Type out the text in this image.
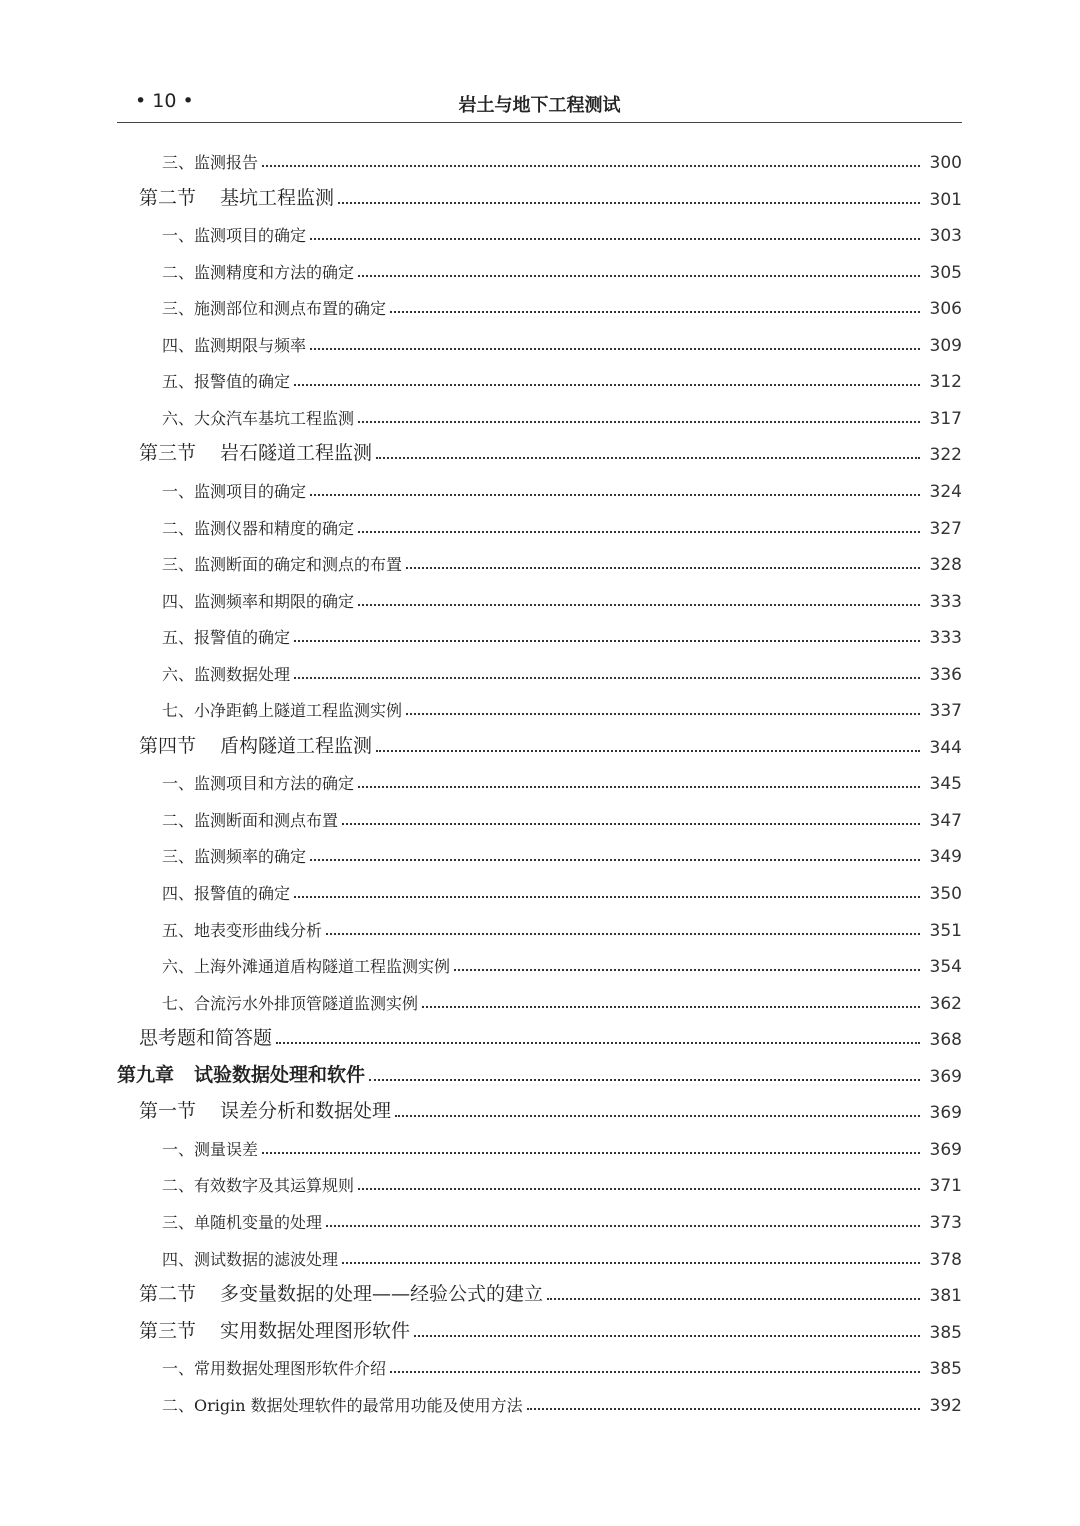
• 10 •	岩土与地下工程测试
三、监测报告	300
第二节 基坑工程监测	301
一、监测项目的确定	303
二、监测精度和方法的确定	305
三、施测部位和测点布置的确定	306
四、监测期限与频率	309
五、报警值的确定	312
六、大众汽车基坑工程监测	317
第三节 岩石隧道工程监测	322
一、监测项目的确定	324
二、监测仪器和精度的确定	327
三、监测断面的确定和测点的布置	328
四、监测频率和期限的确定	333
五、报警值的确定	333
六、监测数据处理	336
七、小净距鹤上隧道工程监测实例	337
第四节 盾构隧道工程监测	344
一、监测项目和方法的确定	345
二、监测断面和测点布置	347
三、监测频率的确定	349
四、报警值的确定	350
五、地表变形曲线分析	351
六、上海外滩通道盾构隧道工程监测实例	354
七、合流污水外排顶管隧道监测实例	362
思考题和简答题	368
第九章 试验数据处理和软件	369
第一节 误差分析和数据处理	369
一、测量误差	369
二、有效数字及其运算规则	371
三、单随机变量的处理	373
四、测试数据的滤波处理	378
第二节 多变量数据的处理——经验公式的建立	381
第三节 实用数据处理图形软件	385
一、常用数据处理图形软件介绍	385
二、Origin 数据处理软件的最常用功能及使用方法	392
